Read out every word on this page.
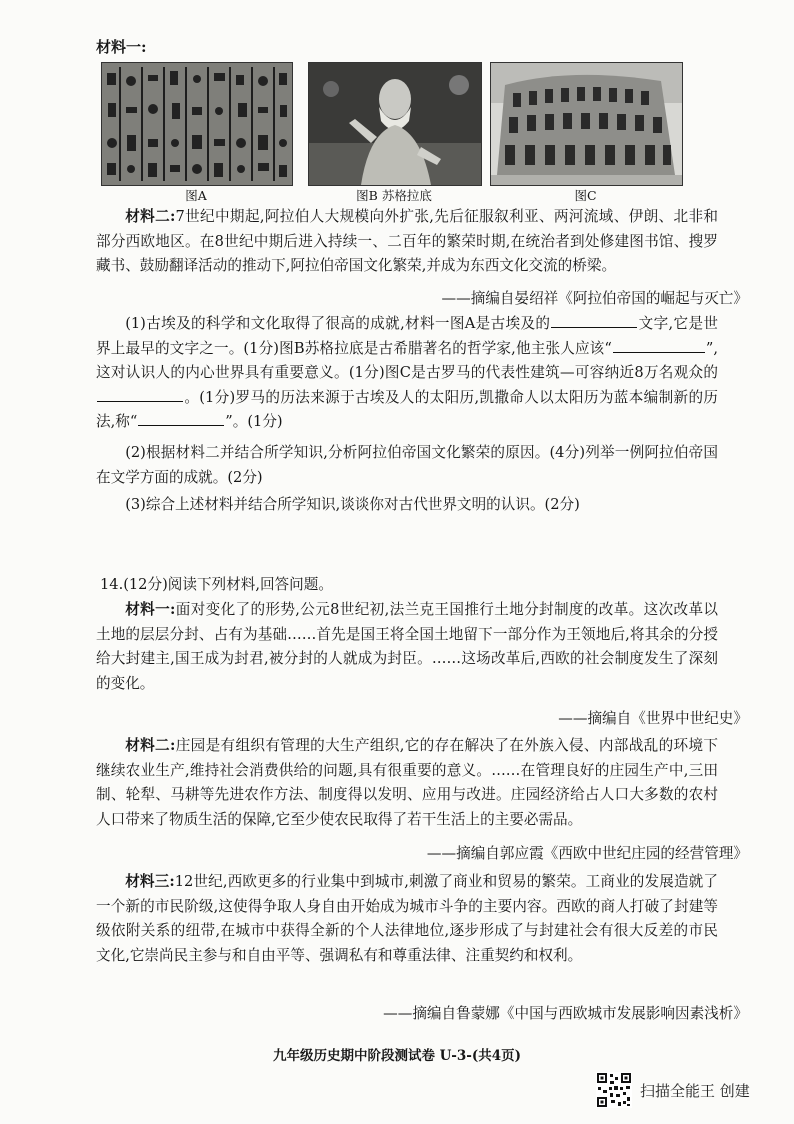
材料一:
图A	图B 苏格拉底	图C

材料二:7世纪中期起,阿拉伯人大规模向外扩张,先后征服叙利亚、两河流域、伊朗、北非和部分西欧地区。在8世纪中期后进入持续一、二百年的繁荣时期,在统治者到处修建图书馆、搜罗藏书、鼓励翻译活动的推动下,阿拉伯帝国文化繁荣,并成为东西文化交流的桥梁。

——摘编自晏绍祥《阿拉伯帝国的崛起与灭亡》

(1)古埃及的科学和文化取得了很高的成就,材料一图A是古埃及的	文字,它是世界上最早的文字之一。(1分)图B苏格拉底是古希腊著名的哲学家,他主张人应该“	”,这对认识人的内心世界具有重要意义。(1分)图C是古罗马的代表性建筑—可容纳近8万名观众的。(1分)罗马的历法来源于古埃及人的太阳历,凯撒命人以太阳历为蓝本编制新的历法,称“	”。(1分)

(2)根据材料二并结合所学知识,分析阿拉伯帝国文化繁荣的原因。(4分)列举一例阿拉伯帝国在文学方面的成就。(2分)

(3)综合上述材料并结合所学知识,谈谈你对古代世界文明的认识。(2分)

14.(12分)阅读下列材料,回答问题。

材料一:面对变化了的形势,公元8世纪初,法兰克王国推行土地分封制度的改革。这次改革以土地的层层分封、占有为基础……首先是国王将全国土地留下一部分作为王领地后,将其余的分授给大封建主,国王成为封君,被分封的人就成为封臣。……这场改革后,西欧的社会制度发生了深刻的变化。

——摘编自《世界中世纪史》

材料二:庄园是有组织有管理的大生产组织,它的存在解决了在外族入侵、内部战乱的环境下继续农业生产,维持社会消费供给的问题,具有很重要的意义。……在管理良好的庄园生产中,三田制、轮犁、马耕等先进农作方法、制度得以发明、应用与改进。庄园经济给占人口大多数的农村人口带来了物质生活的保障,它至少使农民取得了若干生活上的主要必需品。

——摘编自郭应霞《西欧中世纪庄园的经营管理》

材料三:12世纪,西欧更多的行业集中到城市,刺激了商业和贸易的繁荣。工商业的发展造就了一个新的市民阶级,这使得争取人身自由开始成为城市斗争的主要内容。西欧的商人打破了封建等级依附关系的纽带,在城市中获得全新的个人法律地位,逐步形成了与封建社会有很大反差的市民文化,它崇尚民主参与和自由平等、强调私有和尊重法律、注重契约和权利。

——摘编自鲁蒙娜《中国与西欧城市发展影响因素浅析》
九年级历史期中阶段测试卷 U-3-(共4页)
扫描全能王 创建
